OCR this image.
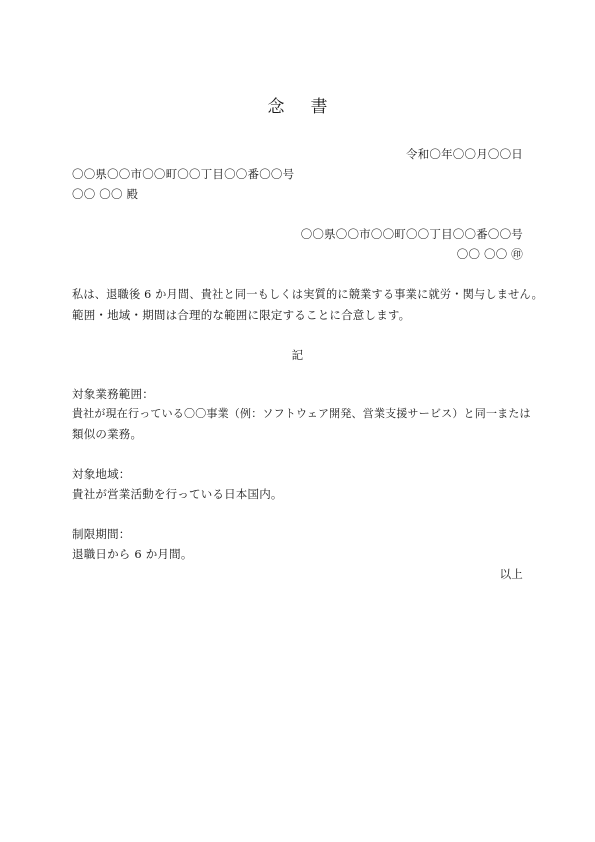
念 書
令和〇年〇〇月〇〇日
〇〇県〇〇市〇〇町〇〇丁目〇〇番〇〇号
〇〇 〇〇 殿
〇〇県〇〇市〇〇町〇〇丁目〇〇番〇〇号
〇〇 〇〇 ㊞
私は、退職後 6 か月間、貴社と同一もしくは実質的に競業する事業に就労・関与しません。
範囲・地域・期間は合理的な範囲に限定することに合意します。
記
対象業務範囲：
貴社が現在行っている〇〇事業（例：ソフトウェア開発、営業支援サービス）と同一または
類似の業務。
対象地域：
貴社が営業活動を行っている日本国内。
制限期間：
退職日から 6 か月間。
以上
